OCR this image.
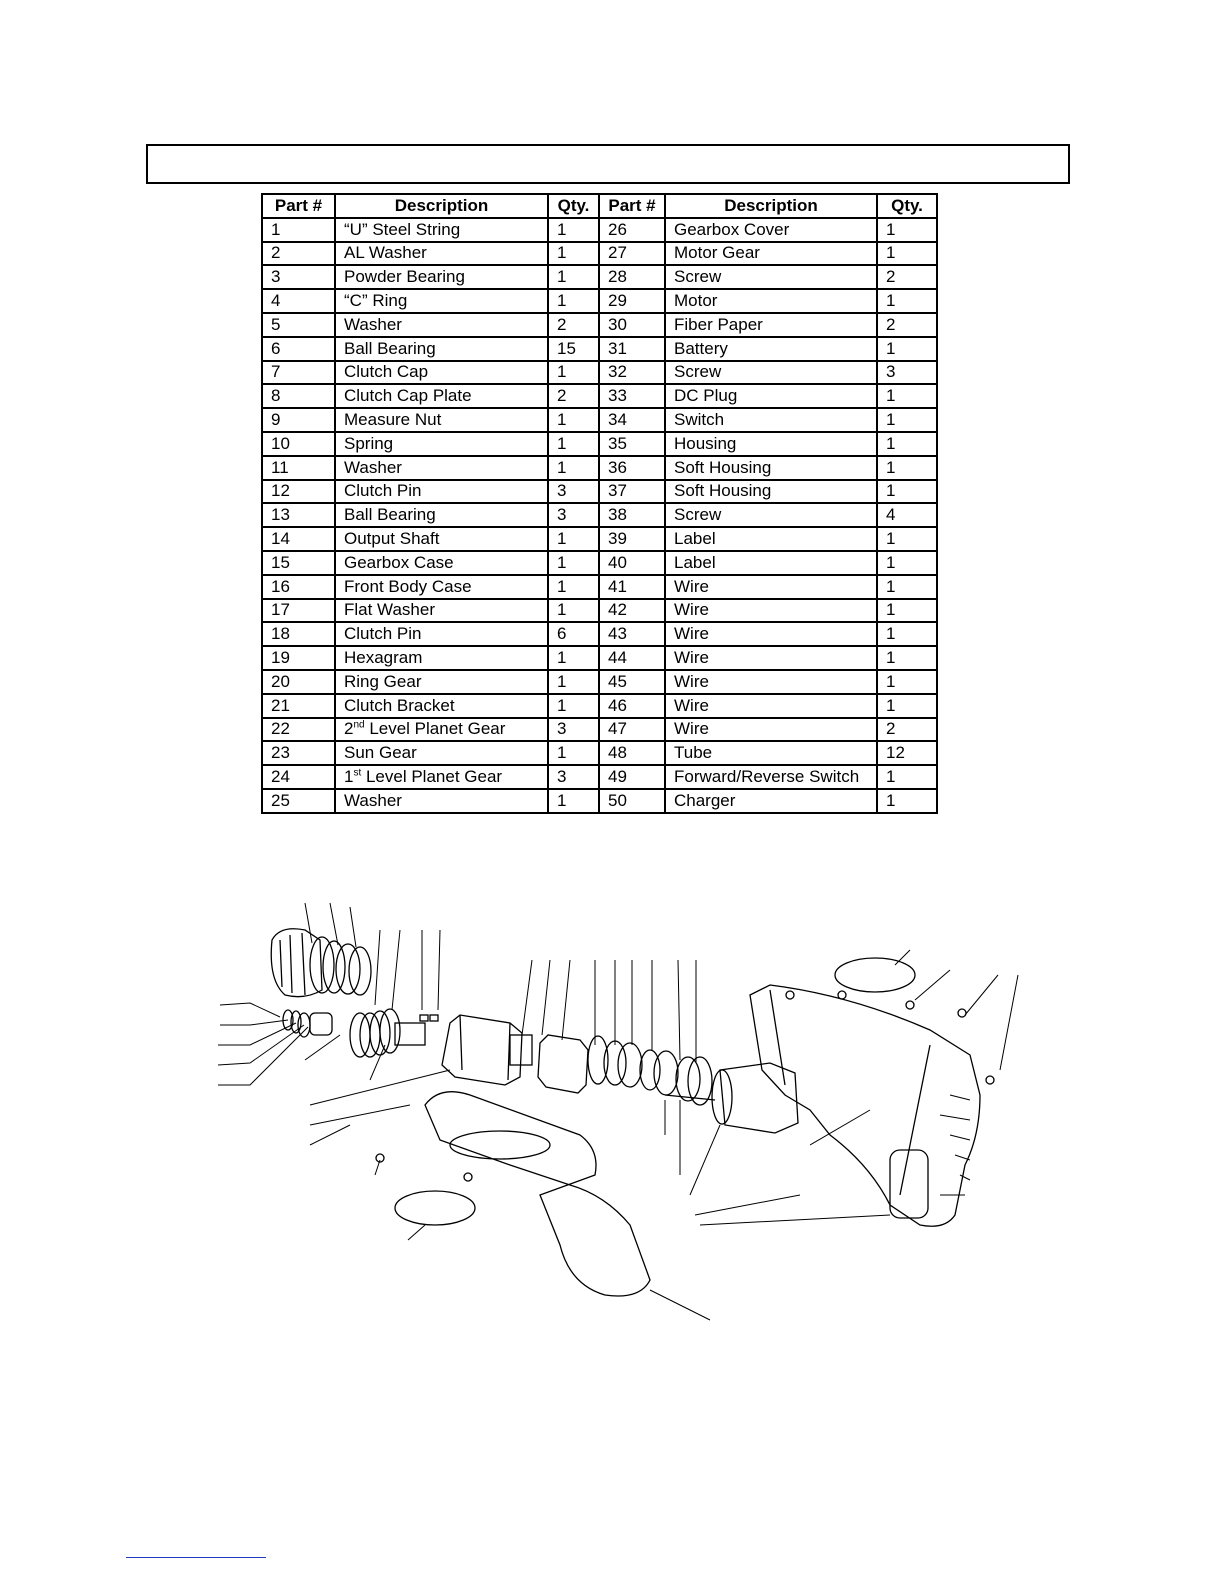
Part #	Description	Qty.	Part #	Description	Qty.
1	“U” Steel String	1	26	Gearbox Cover	1
2	AL Washer	1	27	Motor Gear	1
3	Powder Bearing	1	28	Screw	2
4	“C” Ring	1	29	Motor	1
5	Washer	2	30	Fiber Paper	2
6	Ball Bearing	15	31	Battery	1
7	Clutch Cap	1	32	Screw	3
8	Clutch Cap Plate	2	33	DC Plug	1
9	Measure Nut	1	34	Switch	1
10	Spring	1	35	Housing	1
11	Washer	1	36	Soft Housing	1
12	Clutch Pin	3	37	Soft Housing	1
13	Ball Bearing	3	38	Screw	4
14	Output Shaft	1	39	Label	1
15	Gearbox Case	1	40	Label	1
16	Front Body Case	1	41	Wire	1
17	Flat Washer	1	42	Wire	1
18	Clutch Pin	6	43	Wire	1
19	Hexagram	1	44	Wire	1
20	Ring Gear	1	45	Wire	1
21	Clutch Bracket	1	46	Wire	1
22	2nd Level Planet Gear	3	47	Wire	2
23	Sun Gear	1	48	Tube	12
24	1st Level Planet Gear	3	49	Forward/Reverse Switch	1
25	Washer	1	50	Charger	1
